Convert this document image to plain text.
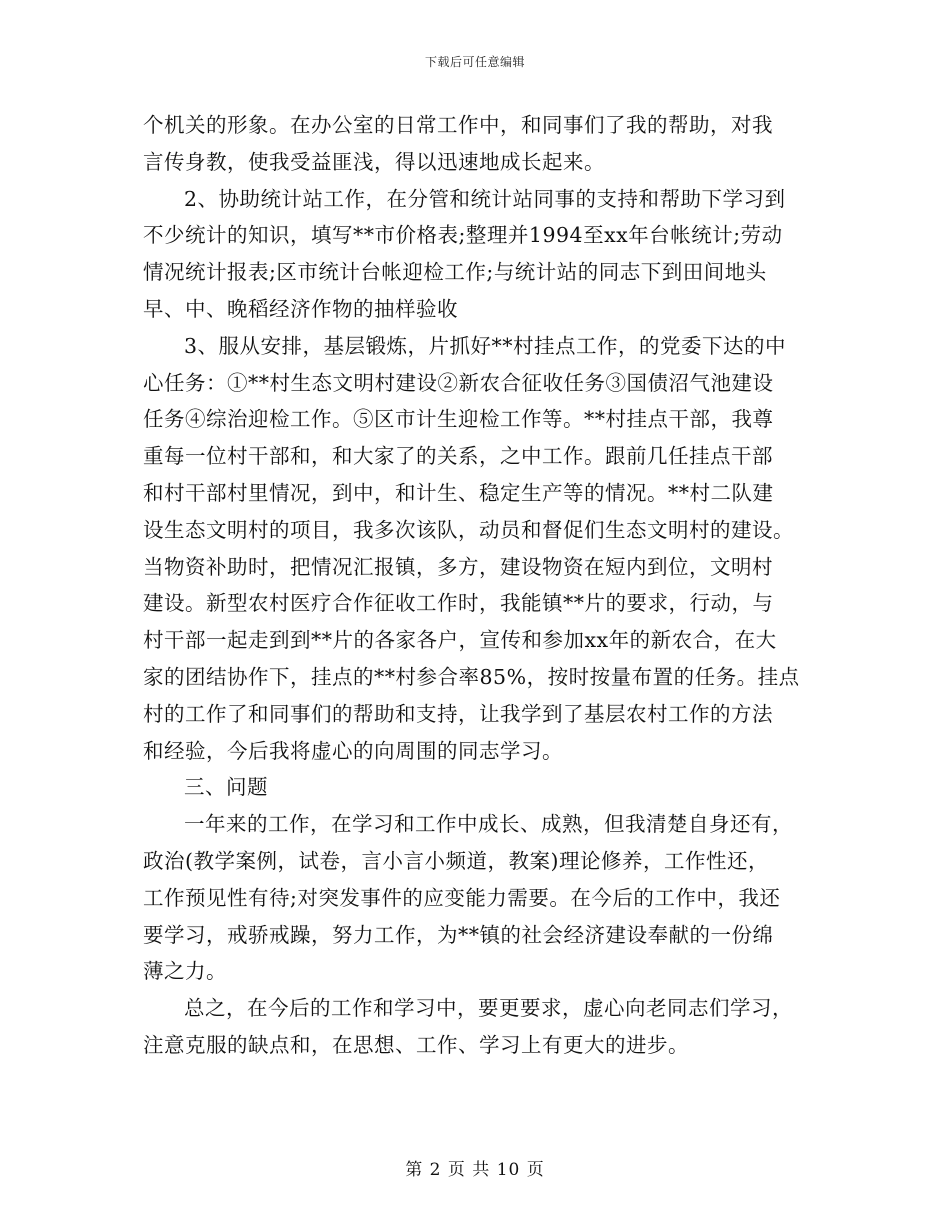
下载后可任意编辑
个机关的形象。在办公室的日常工作中，和同事们了我的帮助，对我
言传身教，使我受益匪浅，得以迅速地成长起来。
2、协助统计站工作，在分管和统计站同事的支持和帮助下学习到
不少统计的知识，填写**市价格表;整理并1994至xx年台帐统计;劳动
情况统计报表;区市统计台帐迎检工作;与统计站的同志下到田间地头
早、中、晚稻经济作物的抽样验收
3、服从安排，基层锻炼，片抓好**村挂点工作，的党委下达的中
心任务：①**村生态文明村建设②新农合征收任务③国债沼气池建设
任务④综治迎检工作。⑤区市计生迎检工作等。**村挂点干部，我尊
重每一位村干部和，和大家了的关系，之中工作。跟前几任挂点干部
和村干部村里情况，到中，和计生、稳定生产等的情况。**村二队建
设生态文明村的项目，我多次该队，动员和督促们生态文明村的建设。
当物资补助时，把情况汇报镇，多方，建设物资在短内到位，文明村
建设。新型农村医疗合作征收工作时，我能镇**片的要求，行动，与
村干部一起走到到**片的各家各户，宣传和参加xx年的新农合，在大
家的团结协作下，挂点的**村参合率85%，按时按量布置的任务。挂点
村的工作了和同事们的帮助和支持，让我学到了基层农村工作的方法
和经验，今后我将虚心的向周围的同志学习。
三、问题
一年来的工作，在学习和工作中成长、成熟，但我清楚自身还有，
政治(教学案例，试卷，言小言小频道，教案)理论修养，工作性还，
工作预见性有待;对突发事件的应变能力需要。在今后的工作中，我还
要学习，戒骄戒躁，努力工作，为**镇的社会经济建设奉献的一份绵
薄之力。
总之，在今后的工作和学习中，要更要求，虚心向老同志们学习，
注意克服的缺点和，在思想、工作、学习上有更大的进步。
第 2 页 共 10 页
